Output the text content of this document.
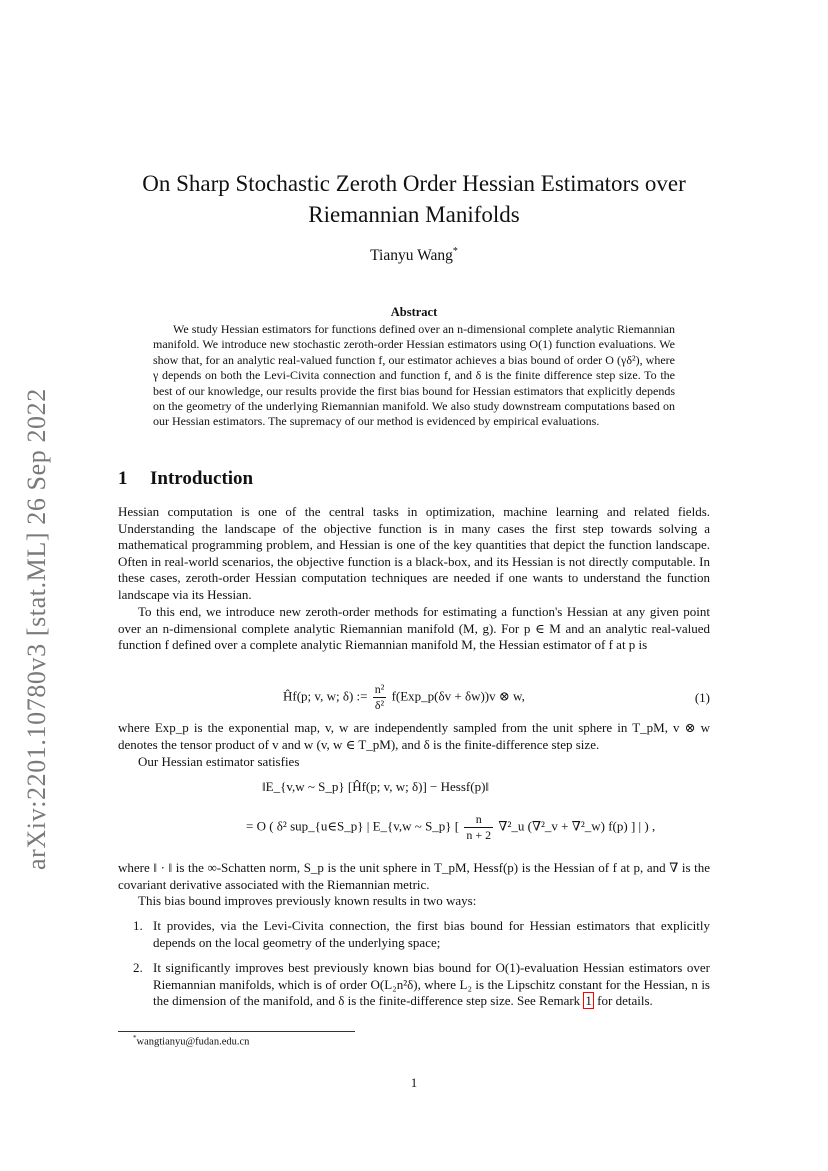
arXiv:2201.10780v3 [stat.ML] 26 Sep 2022
On Sharp Stochastic Zeroth Order Hessian Estimators over
Riemannian Manifolds
Tianyu Wang*
Abstract

We study Hessian estimators for functions defined over an n-dimensional complete analytic Riemannian manifold. We introduce new stochastic zeroth-order Hessian estimators using O(1) function evaluations. We show that, for an analytic real-valued function f, our estimator achieves a bias bound of order O (γδ²), where γ depends on both the Levi-Civita connection and function f, and δ is the finite difference step size. To the best of our knowledge, our results provide the first bias bound for Hessian estimators that explicitly depends on the geometry of the underlying Riemannian manifold. We also study downstream computations based on our Hessian estimators. The supremacy of our method is evidenced by empirical evaluations.

1 Introduction

Hessian computation is one of the central tasks in optimization, machine learning and related fields. Understanding the landscape of the objective function is in many cases the first step towards solving a mathematical programming problem, and Hessian is one of the key quantities that depict the function landscape. Often in real-world scenarios, the objective function is a black-box, and its Hessian is not directly computable. In these cases, zeroth-order Hessian computation techniques are needed if one wants to understand the function landscape via its Hessian.

To this end, we introduce new zeroth-order methods for estimating a function's Hessian at any given point over an n-dimensional complete analytic Riemannian manifold (M, g). For p ∈ M and an analytic real-valued function f defined over a complete analytic Riemannian manifold M, the Hessian estimator of f at p is

Ĥf(p; v, w; δ) := $\frac{\text{n²}}{\text{δ²}}$ f(Exp_p(δv + δw))v ⊗ w,	(1)

where Exp_p is the exponential map, v, w are independently sampled from the unit sphere in T_pM, v ⊗ w denotes the tensor product of v and w (v, w ∈ T_pM), and δ is the finite-difference step size.

Our Hessian estimator satisfies

‖E_{v,w ~ S_p} [Ĥf(p; v, w; δ)] − Hessf(p)‖
= O ( δ² sup_{u∈S_p} | E_{v,w ~ S_p} [ $\frac{n}{n + 2}$ ∇²_u (∇²_v + ∇²_w) f(p) ] | ) ,

where ‖ · ‖ is the ∞-Schatten norm, S_p is the unit sphere in T_pM, Hessf(p) is the Hessian of f at p, and ∇ is the covariant derivative associated with the Riemannian metric.

This bias bound improves previously known results in two ways:

1. It provides, via the Levi-Civita connection, the first bias bound for Hessian estimators that explicitly depends on the local geometry of the underlying space;
2. It significantly improves best previously known bias bound for O(1)-evaluation Hessian estimators over Riemannian manifolds, which is of order O(L₂n²δ), where L₂ is the Lipschitz constant for the Hessian, n is the dimension of the manifold, and δ is the finite-difference step size. See Remark 1 for details.
*wangtianyu@fudan.edu.cn
1
